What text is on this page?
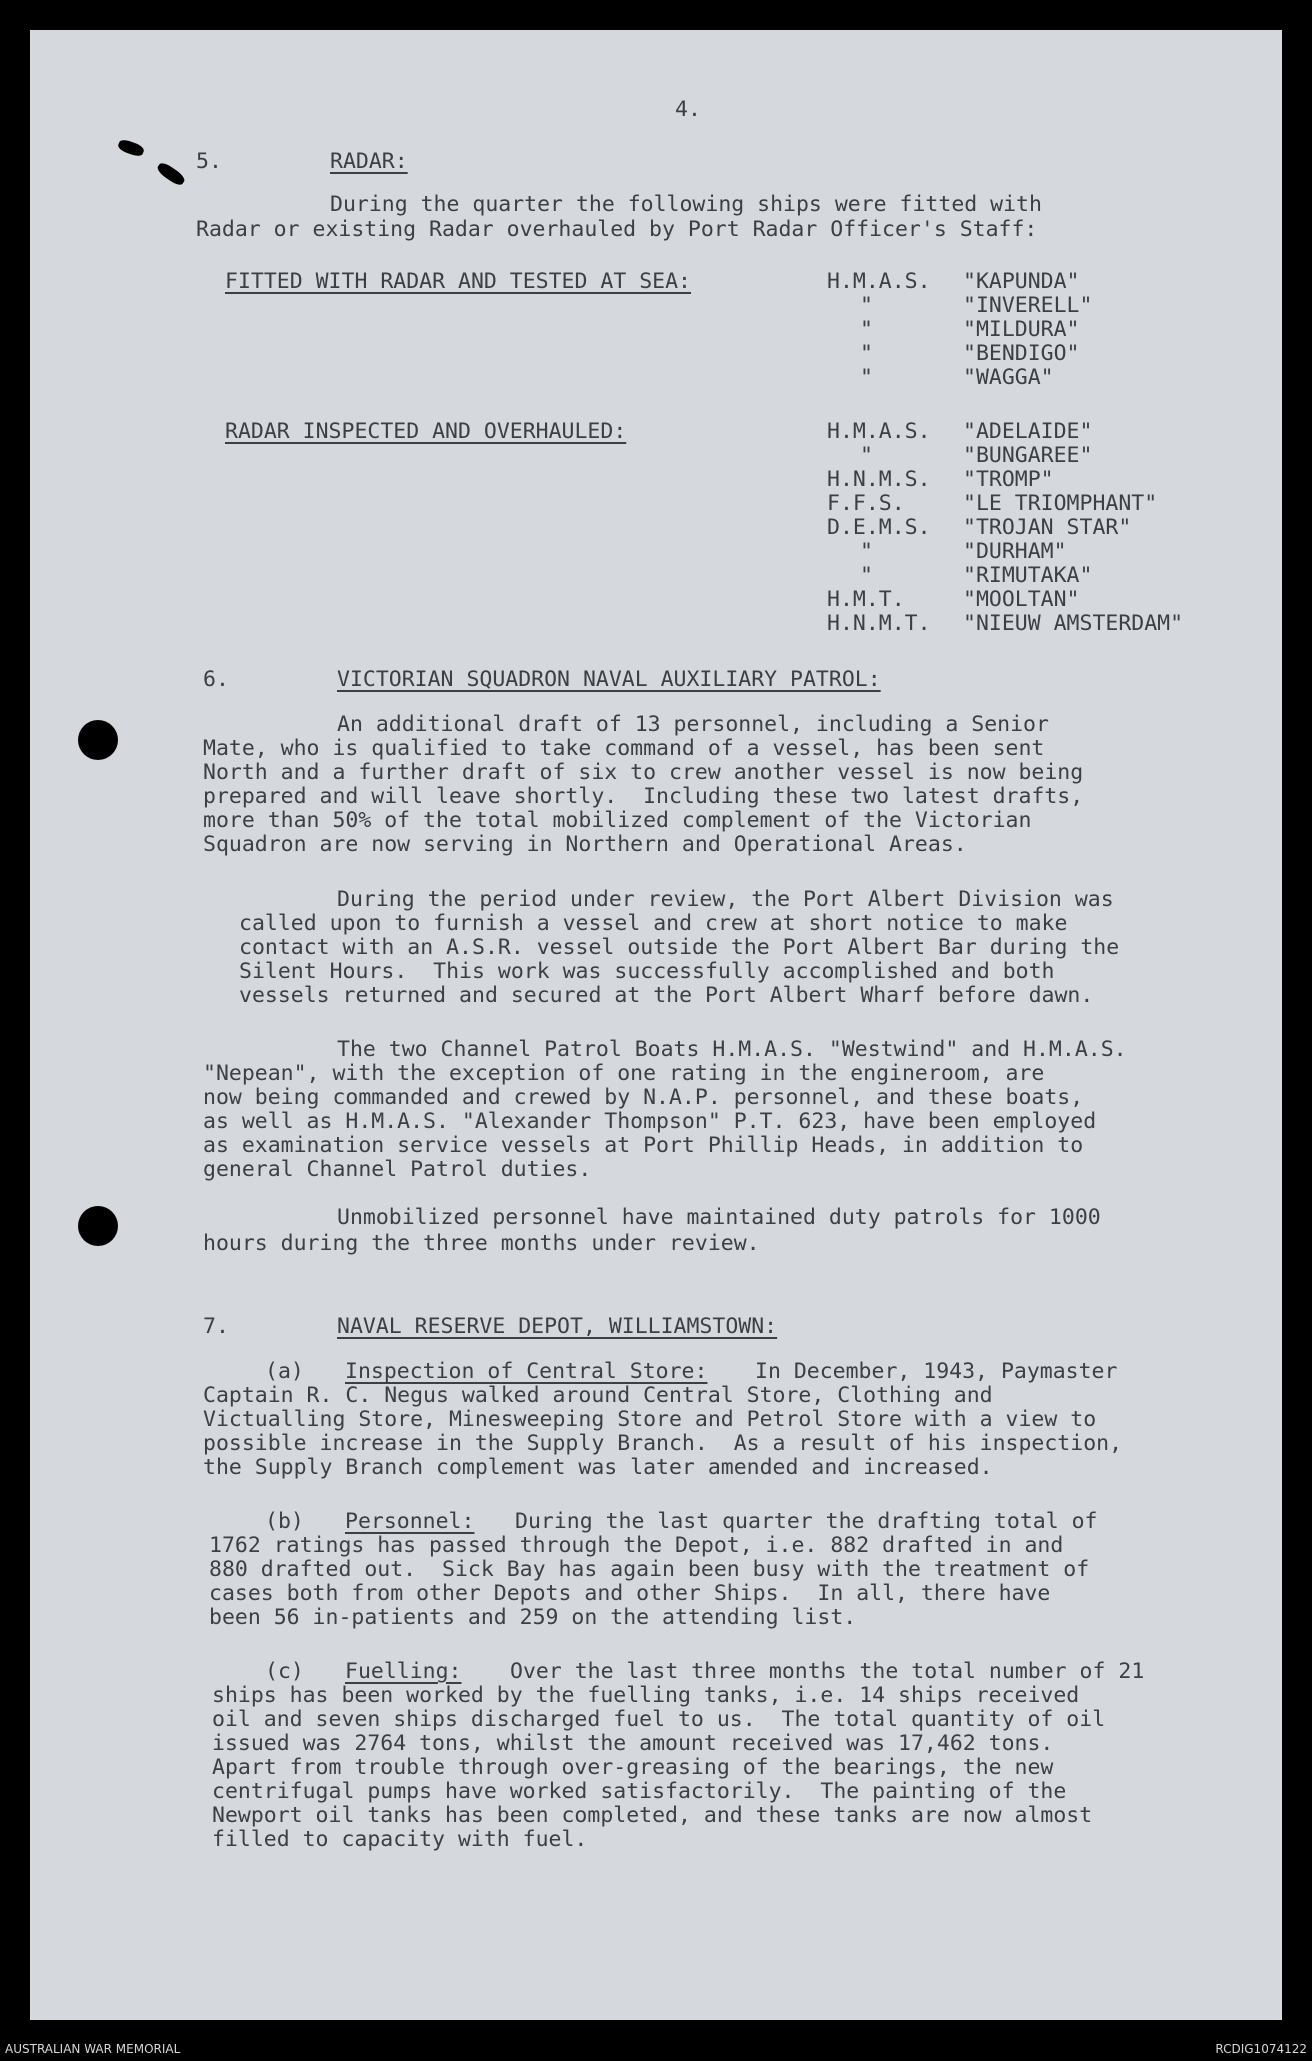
4.
5.	RADAR:
During the quarter the following ships were fitted with
Radar or existing Radar overhauled by Port Radar Officer's Staff:
FITTED WITH RADAR AND TESTED AT SEA:	H.M.A.S. "KAPUNDA"
"	"INVERELL"
"	"MILDURA"
"	"BENDIGO"
"	"WAGGA"
RADAR INSPECTED AND OVERHAULED:	H.M.A.S. "ADELAIDE"
"	"BUNGAREE"
H.N.M.S. "TROMP"
F.F.S.	"LE TRIOMPHANT"
D.E.M.S. "TROJAN STAR"
"	"DURHAM"
"	"RIMUTAKA"
H.M.T.	"MOOLTAN"
H.N.M.T. "NIEUW AMSTERDAM"
6.	VICTORIAN SQUADRON NAVAL AUXILIARY PATROL:
An additional draft of 13 personnel, including a Senior
Mate, who is qualified to take command of a vessel, has been sent
North and a further draft of six to crew another vessel is now being
prepared and will leave shortly.  Including these two latest drafts,
more than 50% of the total mobilized complement of the Victorian
Squadron are now serving in Northern and Operational Areas.
During the period under review, the Port Albert Division was
called upon to furnish a vessel and crew at short notice to make
contact with an A.S.R. vessel outside the Port Albert Bar during the
Silent Hours.  This work was successfully accomplished and both
vessels returned and secured at the Port Albert Wharf before dawn.
The two Channel Patrol Boats H.M.A.S. "Westwind" and H.M.A.S.
"Nepean", with the exception of one rating in the engineroom, are
now being commanded and crewed by N.A.P. personnel, and these boats,
as well as H.M.A.S. "Alexander Thompson" P.T. 623, have been employed
as examination service vessels at Port Phillip Heads, in addition to
general Channel Patrol duties.
Unmobilized personnel have maintained duty patrols for 1000
hours during the three months under review.
7.	NAVAL RESERVE DEPOT, WILLIAMSTOWN:
(a) Inspection of Central Store: In December, 1943, Paymaster
Captain R. C. Negus walked around Central Store, Clothing and
Victualling Store, Minesweeping Store and Petrol Store with a view to
possible increase in the Supply Branch.  As a result of his inspection,
the Supply Branch complement was later amended and increased.
(b) Personnel: During the last quarter the drafting total of
1762 ratings has passed through the Depot, i.e. 882 drafted in and
880 drafted out.  Sick Bay has again been busy with the treatment of
cases both from other Depots and other Ships.  In all, there have
been 56 in-patients and 259 on the attending list.
(c) Fuelling: Over the last three months the total number of 21
ships has been worked by the fuelling tanks, i.e. 14 ships received
oil and seven ships discharged fuel to us.  The total quantity of oil
issued was 2764 tons, whilst the amount received was 17,462 tons.
Apart from trouble through over-greasing of the bearings, the new
centrifugal pumps have worked satisfactorily.  The painting of the
Newport oil tanks has been completed, and these tanks are now almost
filled to capacity with fuel.
AUSTRALIAN WAR MEMORIAL	RCDIG1074122
